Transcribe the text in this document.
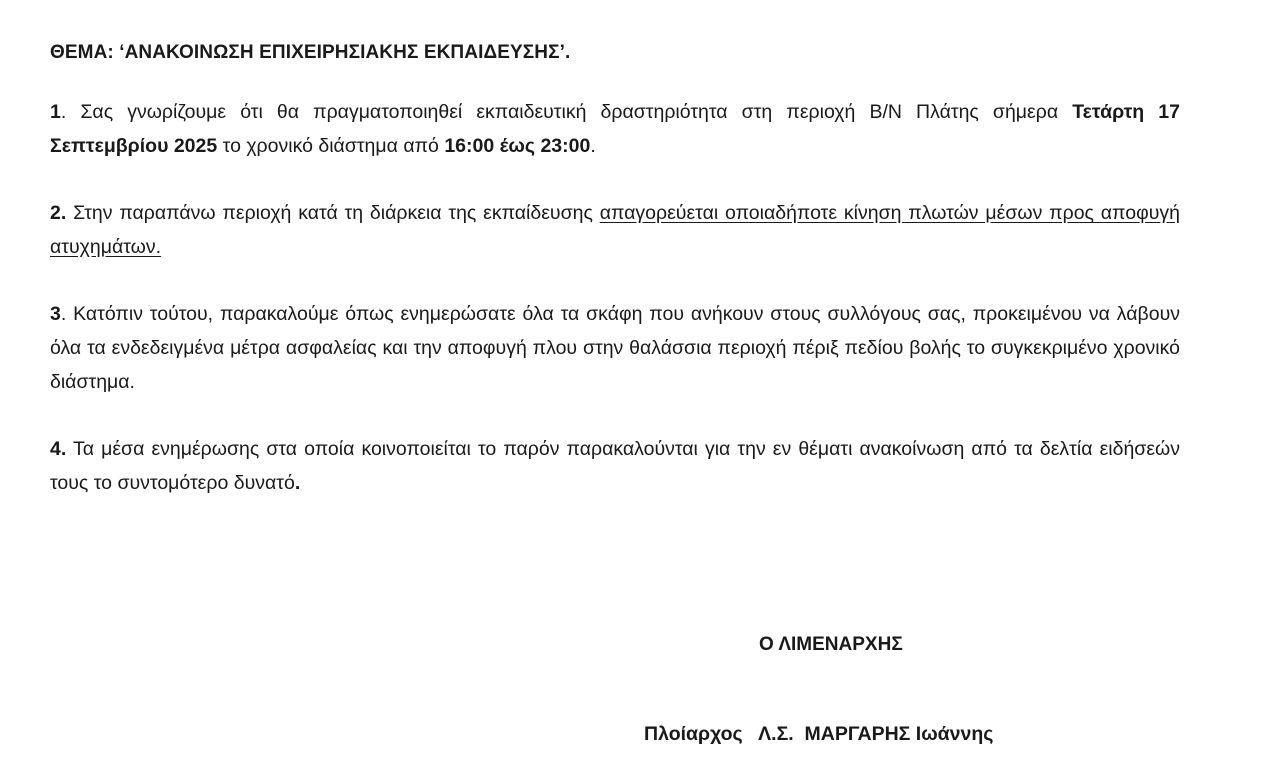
ΘΕΜΑ: ‘ΑΝΑΚΟΙΝΩΣΗ ΕΠΙΧΕΙΡΗΣΙΑΚΗΣ ΕΚΠΑΙΔΕΥΣΗΣ’.

1. Σας γνωρίζουμε ότι θα πραγματοποιηθεί εκπαιδευτική δραστηριότητα στη περιοχή Β/Ν Πλάτης σήμερα Τετάρτη 17 Σεπτεμβρίου 2025 το χρονικό διάστημα από 16:00 έως 23:00.

2. Στην παραπάνω περιοχή κατά τη διάρκεια της εκπαίδευσης απαγορεύεται οποιαδήποτε κίνηση πλωτών μέσων προς αποφυγή ατυχημάτων.

3. Κατόπιν τούτου, παρακαλούμε όπως ενημερώσατε όλα τα σκάφη που ανήκουν στους συλλόγους σας, προκειμένου να λάβουν όλα τα ενδεδειγμένα μέτρα ασφαλείας και την αποφυγή πλου στην θαλάσσια περιοχή πέριξ πεδίου βολής το συγκεκριμένο χρονικό διάστημα.

4. Τα μέσα ενημέρωσης στα οποία κοινοποιείται το παρόν παρακαλούνται για την εν θέματι ανακοίνωση από τα δελτία ειδήσεών τους το συντομότερο δυνατό.

Ο ΛΙΜΕΝΑΡΧΗΣ
Πλοίαρχος   Λ.Σ.  ΜΑΡΓΑΡΗΣ Ιωάννης
